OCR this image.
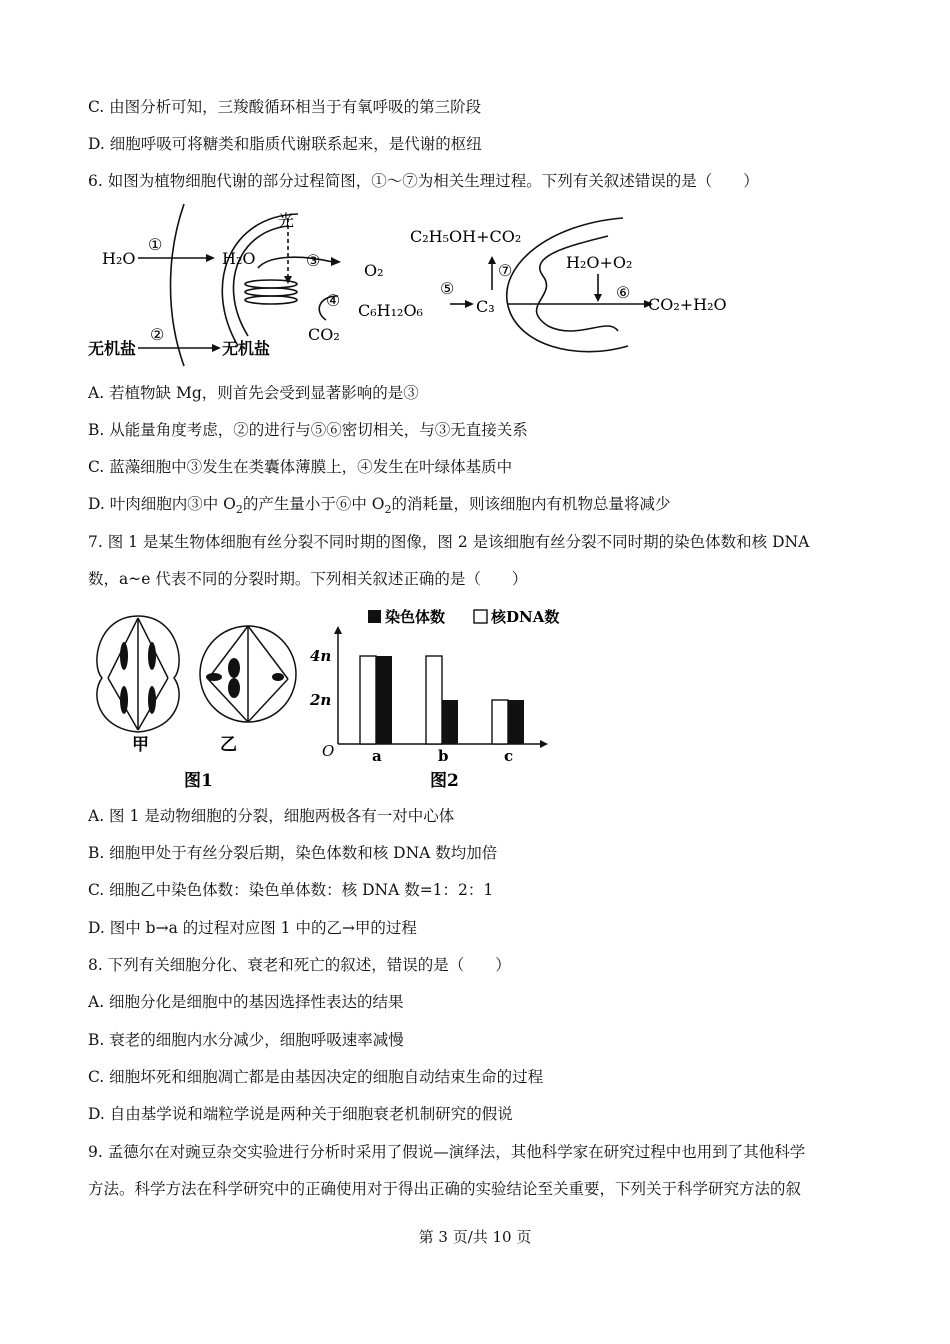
C. 由图分析可知，三羧酸循环相当于有氧呼吸的第三阶段
D. 细胞呼吸可将糖类和脂质代谢联系起来，是代谢的枢纽
6. 如图为植物细胞代谢的部分过程简图，①～⑦为相关生理过程。下列有关叙述错误的是（　　）
H₂O	H₂O
光
O₂
C₆H₁₂O₆
CO₂
C₃
C₂H₅OH+CO₂
H₂O+O₂
CO₂+H₂O
无机盐	无机盐
①
②
③
④
⑤
⑦
⑥
A. 若植物缺 Mg，则首先会受到显著影响的是③
B. 从能量角度考虑，②的进行与⑤⑥密切相关，与③无直接关系
C. 蓝藻细胞中③发生在类囊体薄膜上，④发生在叶绿体基质中
D. 叶肉细胞内③中 $O_2$的产生量小于⑥中 $O_2$的消耗量，则该细胞内有机物总量将减少
7. 图 1 是某生物体细胞有丝分裂不同时期的图像，图 2 是该细胞有丝分裂不同时期的染色体数和核 DNA
数，a~e 代表不同的分裂时期。下列相关叙述正确的是（　　）
甲	乙
图1
染色体数	核DNA数
O
4n
2n
a	b	c
图2
A. 图 1 是动物细胞的分裂，细胞两极各有一对中心体
B. 细胞甲处于有丝分裂后期，染色体数和核 DNA 数均加倍
C. 细胞乙中染色体数：染色单体数：核 DNA 数=1：2：1
D. 图中 b→a 的过程对应图 1 中的乙→甲的过程
8. 下列有关细胞分化、衰老和死亡的叙述，错误的是（　　）
A. 细胞分化是细胞中的基因选择性表达的结果
B. 衰老的细胞内水分减少，细胞呼吸速率减慢
C. 细胞坏死和细胞凋亡都是由基因决定的细胞自动结束生命的过程
D. 自由基学说和端粒学说是两种关于细胞衰老机制研究的假说
9. 孟德尔在对豌豆杂交实验进行分析时采用了假说—演绎法，其他科学家在研究过程中也用到了其他科学
方法。科学方法在科学研究中的正确使用对于得出正确的实验结论至关重要，下列关于科学研究方法的叙
第 3 页/共 10 页
